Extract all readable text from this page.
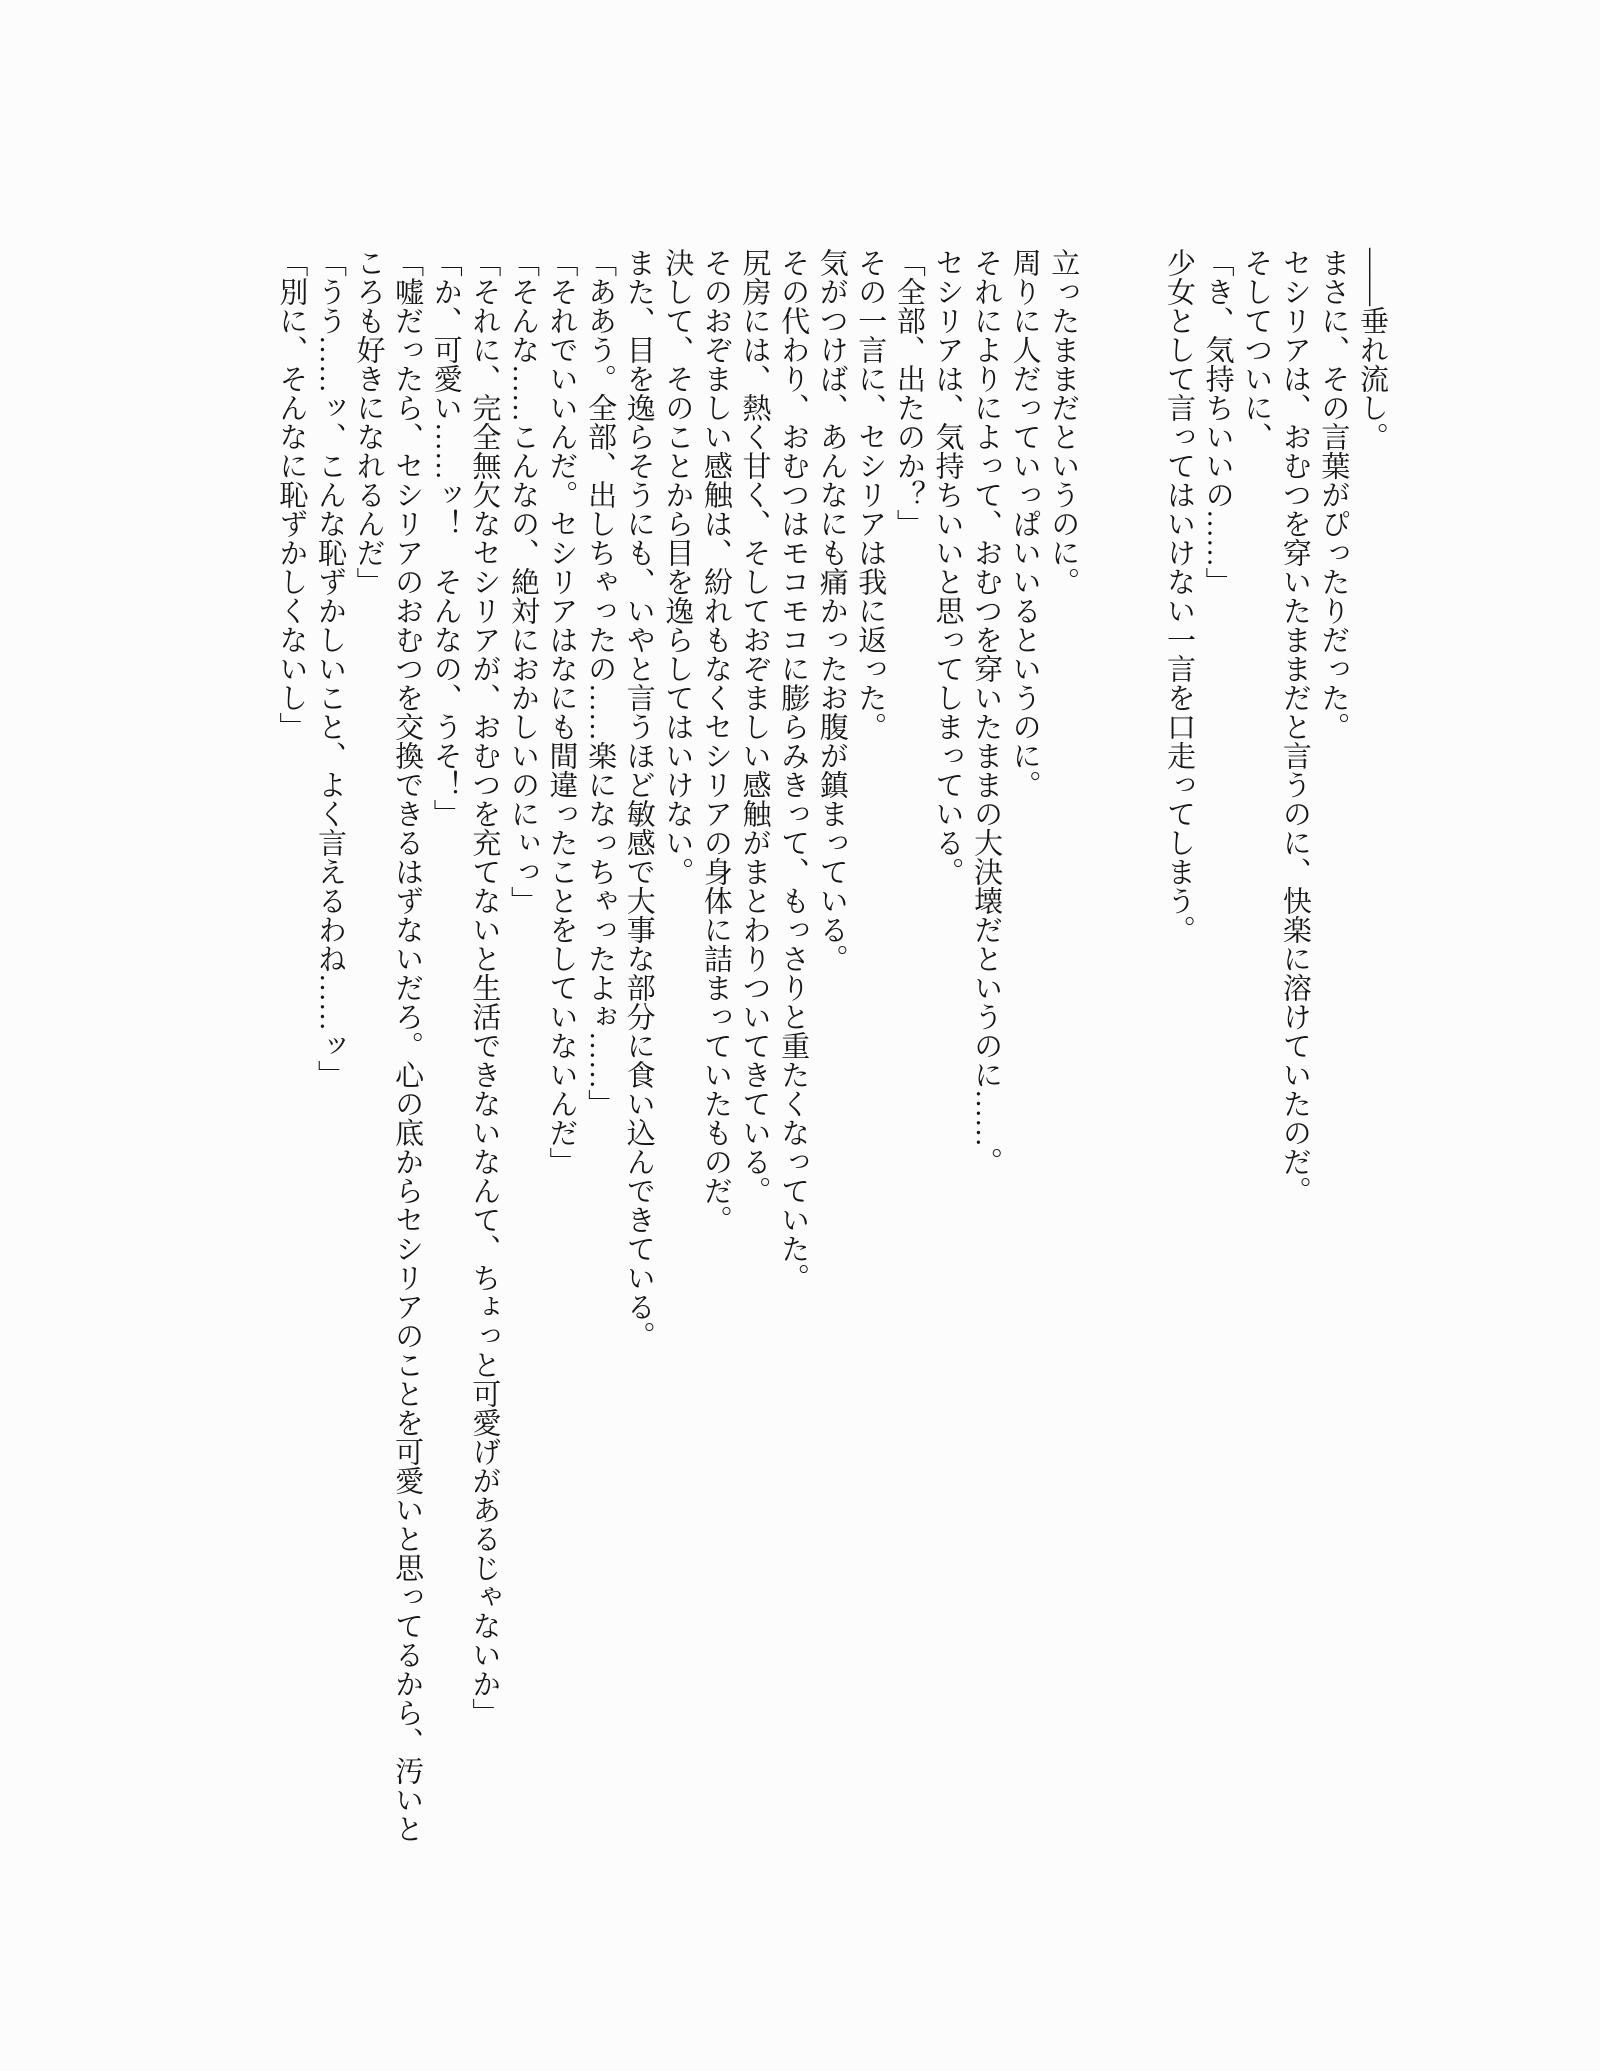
——垂れ流し。

まさに、その言葉がぴったりだった。

セシリアは、おむつを穿いたままだと言うのに、快楽に溶けていたのだ。

そしてついに、

「き、気持ちいいの……」

少女として言ってはいけない一言を口走ってしまう。

立ったままだというのに。

周りに人だっていっぱいいるというのに。

それによりによって、おむつを穿いたままの大決壊だというのに……。

セシリアは、気持ちいいと思ってしまっている。

「全部、出たのか？」

その一言に、セシリアは我に返った。

気がつけば、あんなにも痛かったお腹が鎮まっている。

その代わり、おむつはモコモコに膨らみきって、もっさりと重たくなっていた。

尻房には、熱く甘く、そしておぞましい感触がまとわりついてきている。

そのおぞましい感触は、紛れもなくセシリアの身体に詰まっていたものだ。

決して、そのことから目を逸らしてはいけない。

また、目を逸らそうにも、いやと言うほど敏感で大事な部分に食い込んできている。

「ああう。全部、出しちゃったの……楽になっちゃったよぉ……」

「それでいいんだ。セシリアはなにも間違ったことをしていないんだ」

「そんな……こんなの、絶対におかしいのにぃっ」

「それに、完全無欠なセシリアが、おむつを充てないと生活できないなんて、ちょっと可愛げがあるじゃないか」

「か、可愛い……ッ！　そんなの、うそ！」

「嘘だったら、セシリアのおむつを交換できるはずないだろ。心の底からセシリアのことを可愛いと思ってるから、汚いところも好きになれるんだ」

「うう……ッ、こんな恥ずかしいこと、よく言えるわね……ッ」

「別に、そんなに恥ずかしくないし」
